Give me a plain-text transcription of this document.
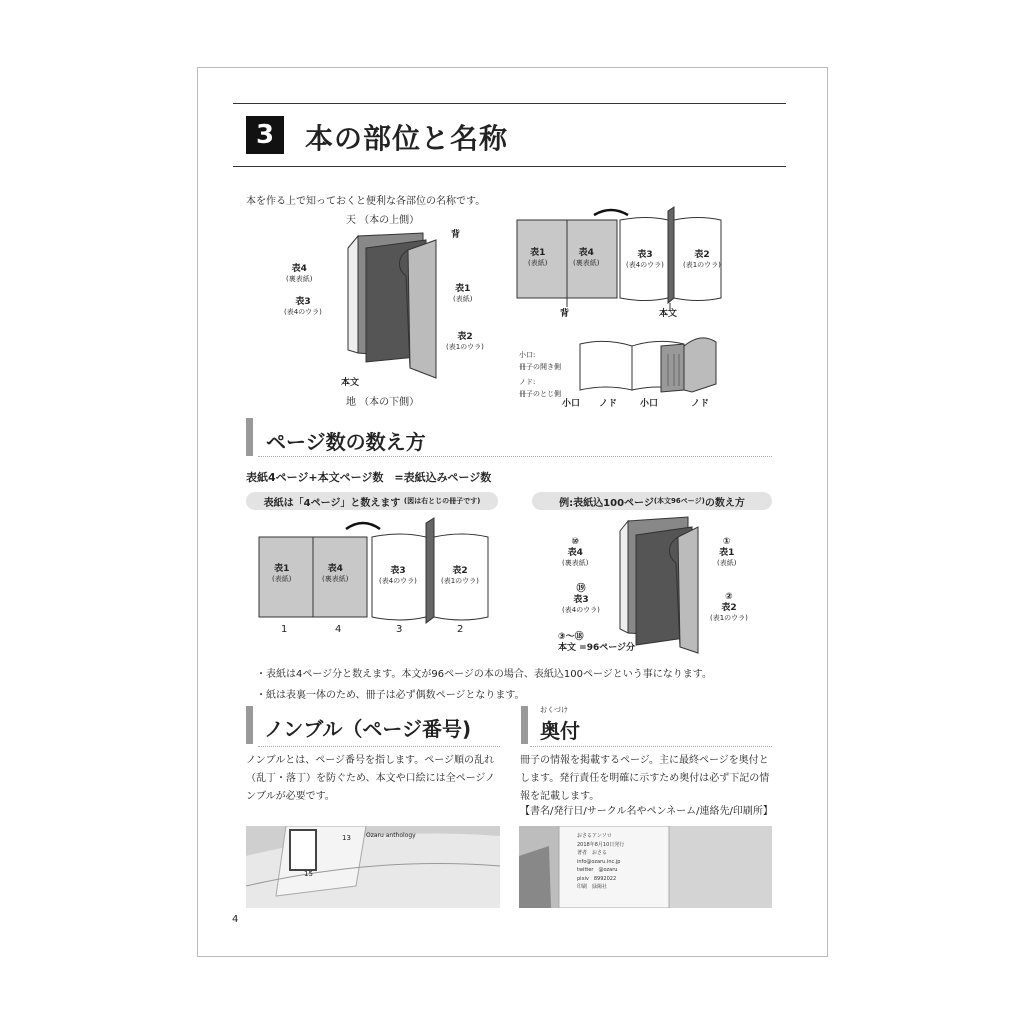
3	本の部位と名称
本を作る上で知っておくと便利な各部位の名称です。
天 （本の上側）
背
表4
(裏表紙)
表3
(表4のウラ)
表1
(表紙)
表2
(表1のウラ)
本文
地 （本の下側）
表1
(表紙)
表4
(裏表紙)
表3
(表4のウラ)
表2
(表1のウラ)
背	本文
小口:
冊子の開き側
ノド:
冊子のとじ側
小口 ノド	小口	ノド
ページ数の数え方
表紙4ページ+本文ページ数　=表紙込みページ数
表紙は「4ページ」と数えます
(図は右とじの冊子です)	例:表紙込100ページ (本文96ページ) の数え方
表1
(表紙)
表4
(裏表紙)
表3
(表4のウラ)
表2
(表1のウラ)
1	4	3	2
⑩
表4
(裏表紙)
⑲
表3
(表4のウラ)
①
表1
(表紙)
②
表2
(表1のウラ)
③～⑱
本文 =96ページ分
・表紙は4ページ分と数えます。本文が96ページの本の場合、表紙込100ページという事になります。
・紙は表裏一体のため、冊子は必ず偶数ページとなります。
ノンブル（ページ番号)
ノンブルとは、ページ番号を指します。ページ順の乱れ（乱丁・落丁）を防ぐため、本文や口絵には全ページノンブルが必要です。
13	Ozaru anthology
15
おくづけ
奥付
冊子の情報を掲載するページ。主に最終ページを奥付とします。発行責任を明確に示すため奥付は必ず下記の情報を記載します。
【書名/発行日/サークル名やペンネーム/連絡先/印刷所】
おさるアンソロ
2018年8月10日発行
著者　おさる
info@ozaru.inc.jp
twitter　@ozaru
pixiv　8992022
印刷　緑陽社
4
